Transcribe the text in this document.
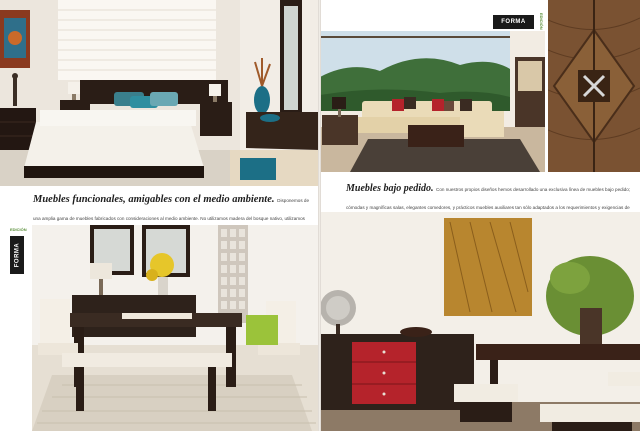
Muebles funcionales, amigables con el medio ambiente. Disponemos de una amplia gama de muebles fabricados con consideraciones al medio ambiente. No utilizamos madera del bosque nativo, utilizamos
EDICIÓN
FORMA
FORMA	EDICIÓN
Muebles bajo pedido. Con nuestros propios diseños hemos desarrollado una exclusiva línea de muebles bajo pedido; cómodas y magníficas salas, elegantes comedores, y prácticos muebles auxiliares tan sólo adaptados a los requerimientos y exigencias de
